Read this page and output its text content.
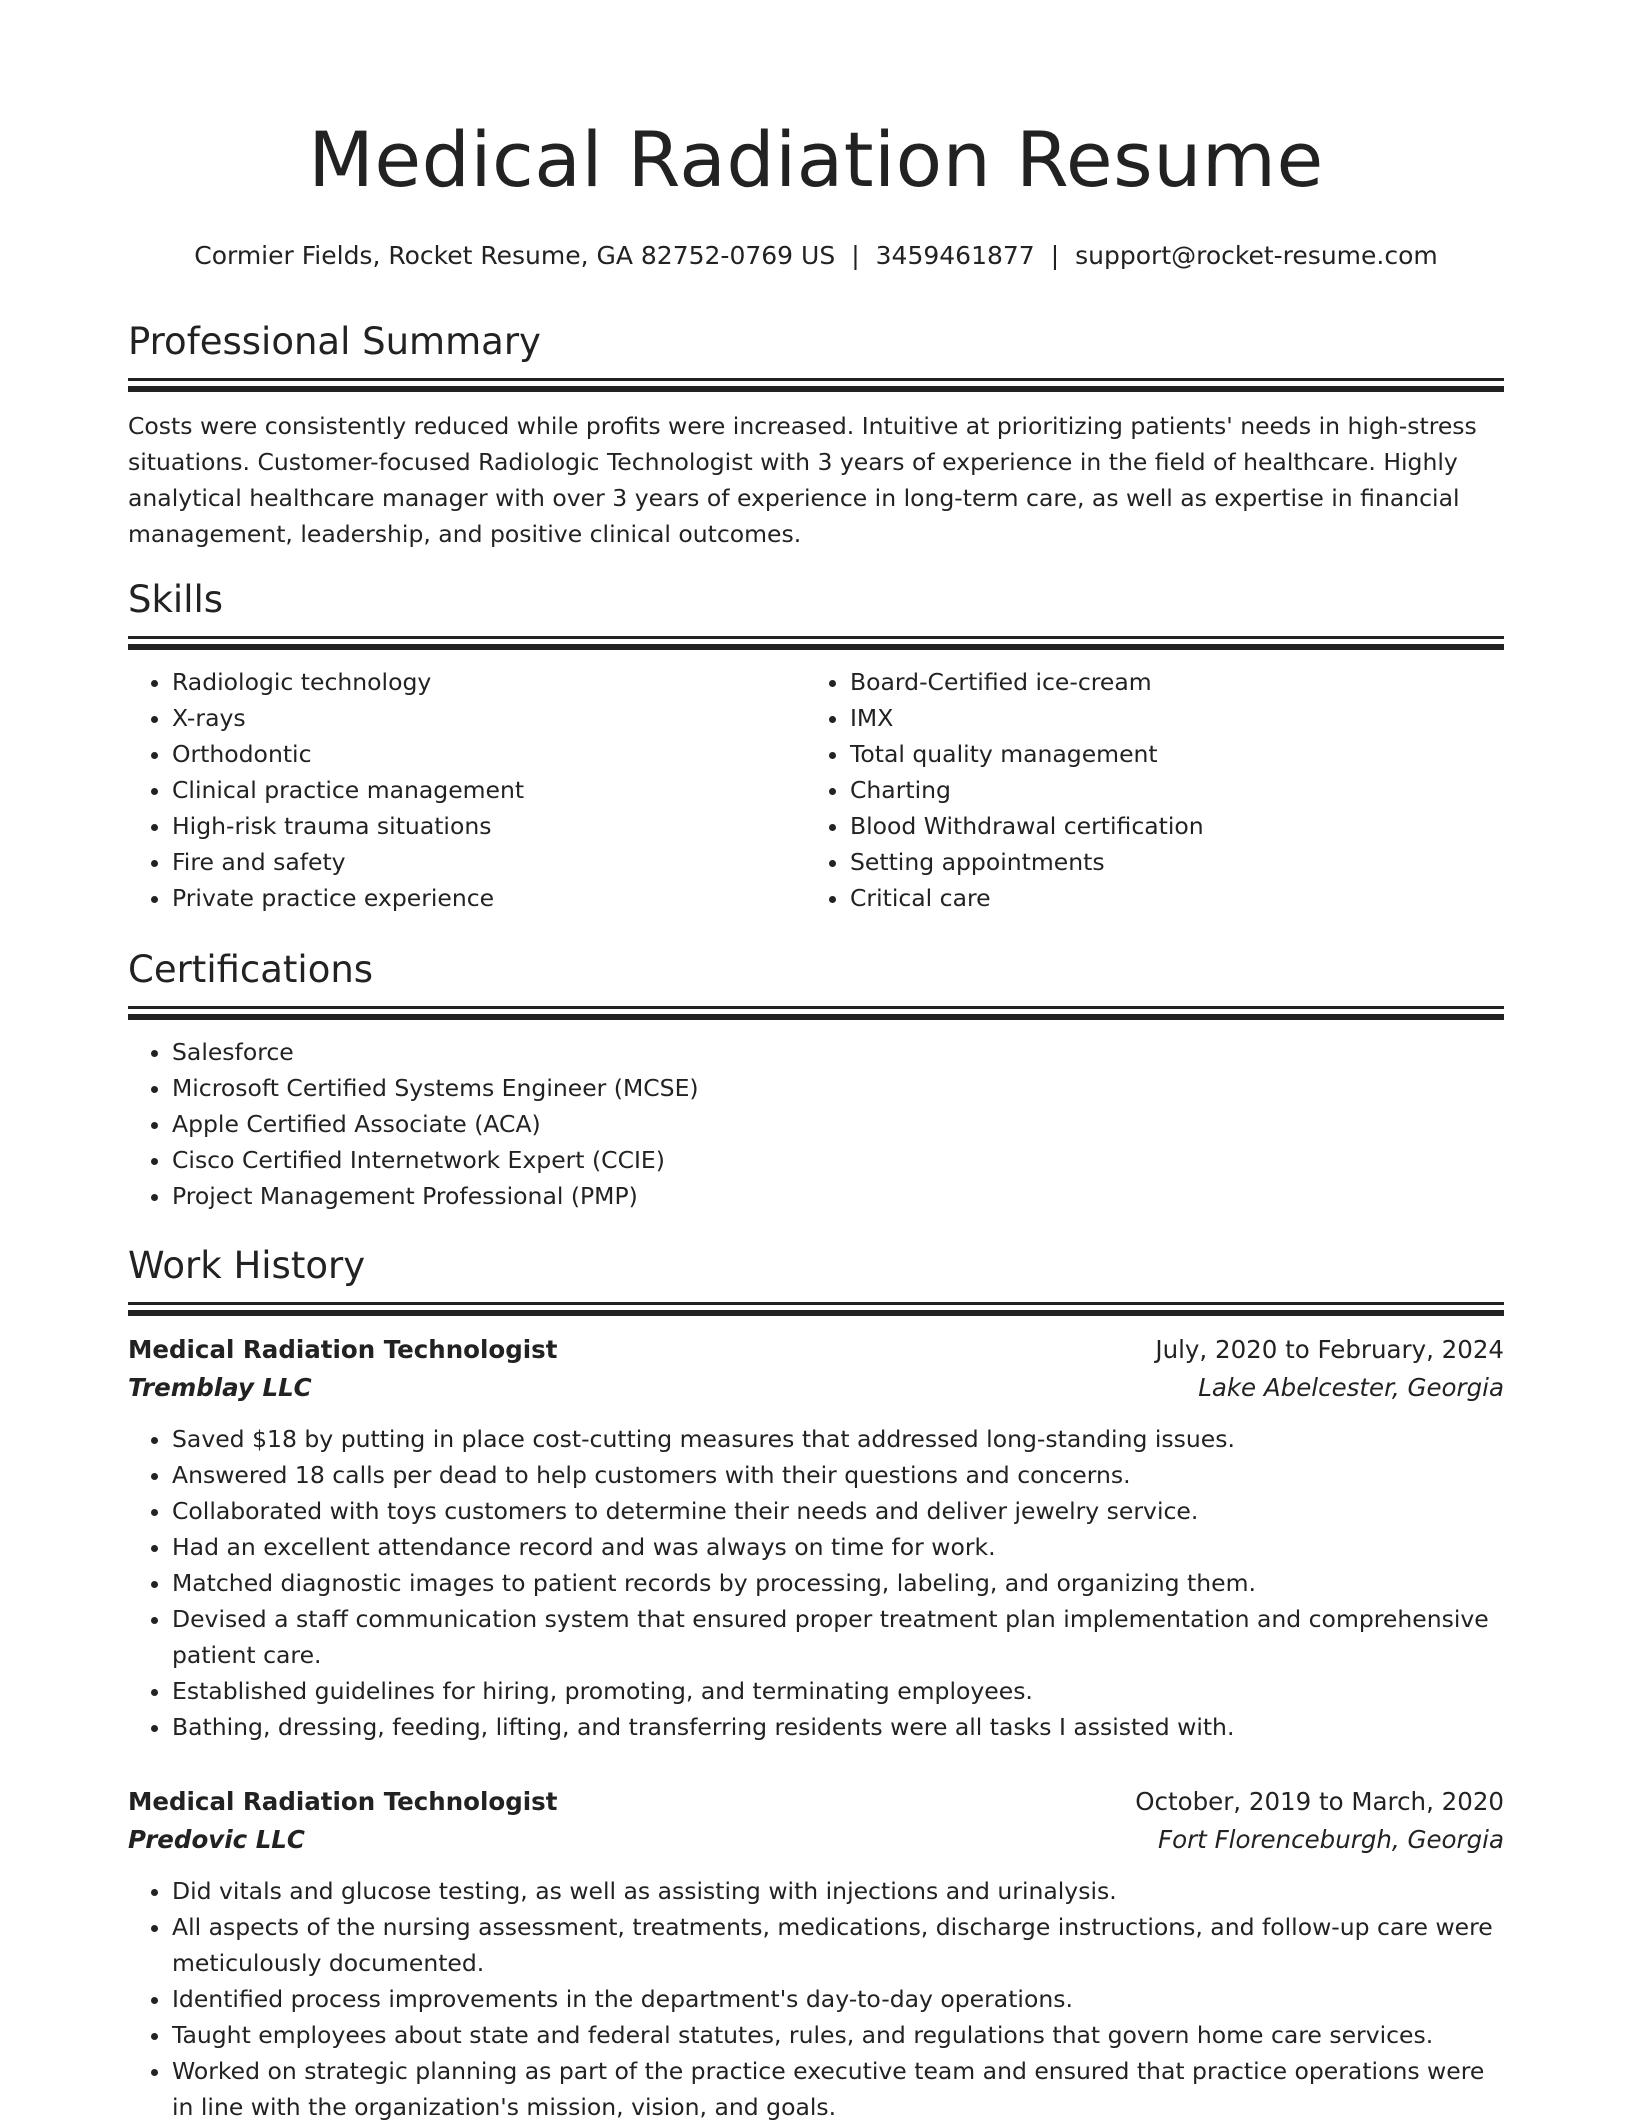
Medical Radiation Resume
Cormier Fields, Rocket Resume, GA 82752-0769 US | 3459461877 | support@rocket-resume.com
Professional Summary
Costs were consistently reduced while profits were increased. Intuitive at prioritizing patients' needs in high-stress situations. Customer-focused Radiologic Technologist with 3 years of experience in the field of healthcare. Highly analytical healthcare manager with over 3 years of experience in long-term care, as well as expertise in financial management, leadership, and positive clinical outcomes.
Skills
• Radiologic technology
• X-rays
• Orthodontic
• Clinical practice management
• High-risk trauma situations
• Fire and safety
• Private practice experience
• Board-Certified ice-cream
• IMX
• Total quality management
• Charting
• Blood Withdrawal certification
• Setting appointments
• Critical care
Certifications
• Salesforce
• Microsoft Certified Systems Engineer (MCSE)
• Apple Certified Associate (ACA)
• Cisco Certified Internetwork Expert (CCIE)
• Project Management Professional (PMP)
Work History
Medical Radiation Technologist	July, 2020 to February, 2024
Tremblay LLC	Lake Abelcester, Georgia
• Saved $18 by putting in place cost-cutting measures that addressed long-standing issues.
• Answered 18 calls per dead to help customers with their questions and concerns.
• Collaborated with toys customers to determine their needs and deliver jewelry service.
• Had an excellent attendance record and was always on time for work.
• Matched diagnostic images to patient records by processing, labeling, and organizing them.
• Devised a staff communication system that ensured proper treatment plan implementation and comprehensive patient care.
• Established guidelines for hiring, promoting, and terminating employees.
• Bathing, dressing, feeding, lifting, and transferring residents were all tasks I assisted with.
Medical Radiation Technologist	October, 2019 to March, 2020
Predovic LLC	Fort Florenceburgh, Georgia
• Did vitals and glucose testing, as well as assisting with injections and urinalysis.
• All aspects of the nursing assessment, treatments, medications, discharge instructions, and follow-up care were meticulously documented.
• Identified process improvements in the department's day-to-day operations.
• Taught employees about state and federal statutes, rules, and regulations that govern home care services.
• Worked on strategic planning as part of the practice executive team and ensured that practice operations were in line with the organization's mission, vision, and goals.
